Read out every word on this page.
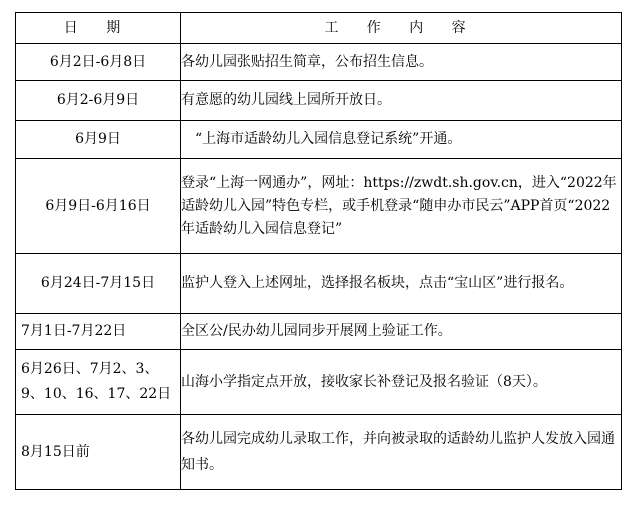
日 期	工 作 内 容
6月2日-6月8日	各幼儿园张贴招生简章，公布招生信息。
6月2-6月9日	有意愿的幼儿园线上园所开放日。
6月9日	“上海市适龄幼儿入园信息登记系统”开通。
6月9日-6月16日	登录“上海一网通办”，网址：https://zwdt.sh.gov.cn，进入“2022年适龄幼儿入园”特色专栏，或手机登录“随申办市民云”APP首页“2022年适龄幼儿入园信息登记”
6月24日-7月15日	监护人登入上述网址，选择报名板块，点击“宝山区”进行报名。
7月1日-7月22日	全区公/民办幼儿园同步开展网上验证工作。
6月26日、7月2、3、9、10、16、17、22日	山海小学指定点开放，接收家长补登记及报名验证（8天）。
8月15日前	各幼儿园完成幼儿录取工作，并向被录取的适龄幼儿监护人发放入园通知书。
